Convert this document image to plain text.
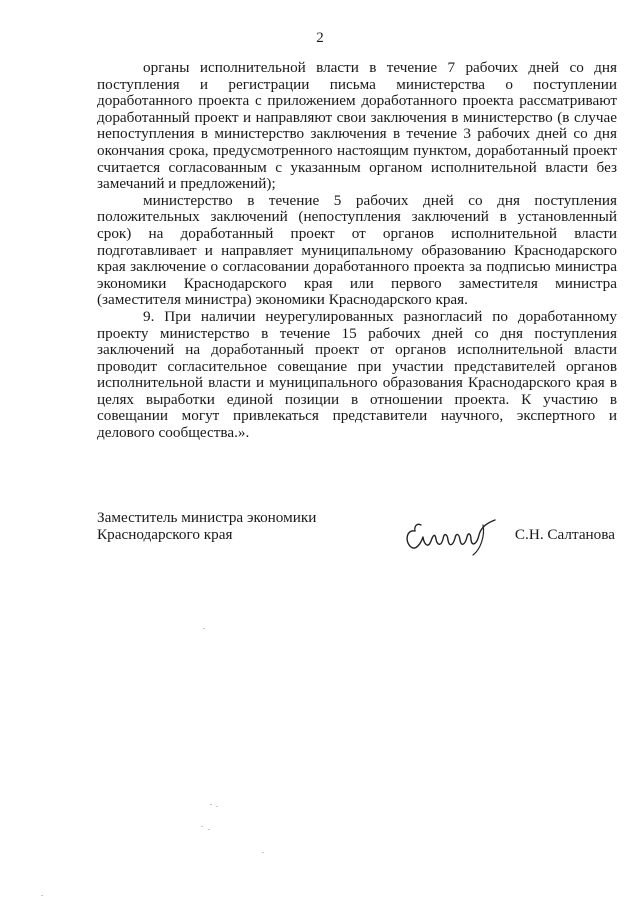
2

органы исполнительной власти в течение 7 рабочих дней со дня поступления и регистрации письма министерства о поступлении доработанного проекта с приложением доработанного проекта рассматривают доработанный проект и направляют свои заключения в министерство (в случае непоступления в министерство заключения в течение 3 рабочих дней со дня окончания срока, предусмотренного настоящим пунктом, доработанный проект считается согласованным с указанным органом исполнительной власти без замечаний и предложений);

министерство в течение 5 рабочих дней со дня поступления положительных заключений (непоступления заключений в установленный срок) на доработанный проект от органов исполнительной власти подготавливает и направляет муниципальному образованию Краснодарского края заключение о согласовании доработанного проекта за подписью министра экономики Краснодарского края или первого заместителя министра (заместителя министра) экономики Краснодарского края.

9. При наличии неурегулированных разногласий по доработанному проекту министерство в течение 15 рабочих дней со дня поступления заключений на доработанный проект от органов исполнительной власти проводит согласительное совещание при участии представителей органов исполнительной власти и муниципального образования Краснодарского края в целях выработки единой позиции в отношении проекта. К участию в совещании могут привлекаться представители научного, экспертного и делового сообщества.».

Заместитель министра экономики
Краснодарского края	С.Н. Салтанова
